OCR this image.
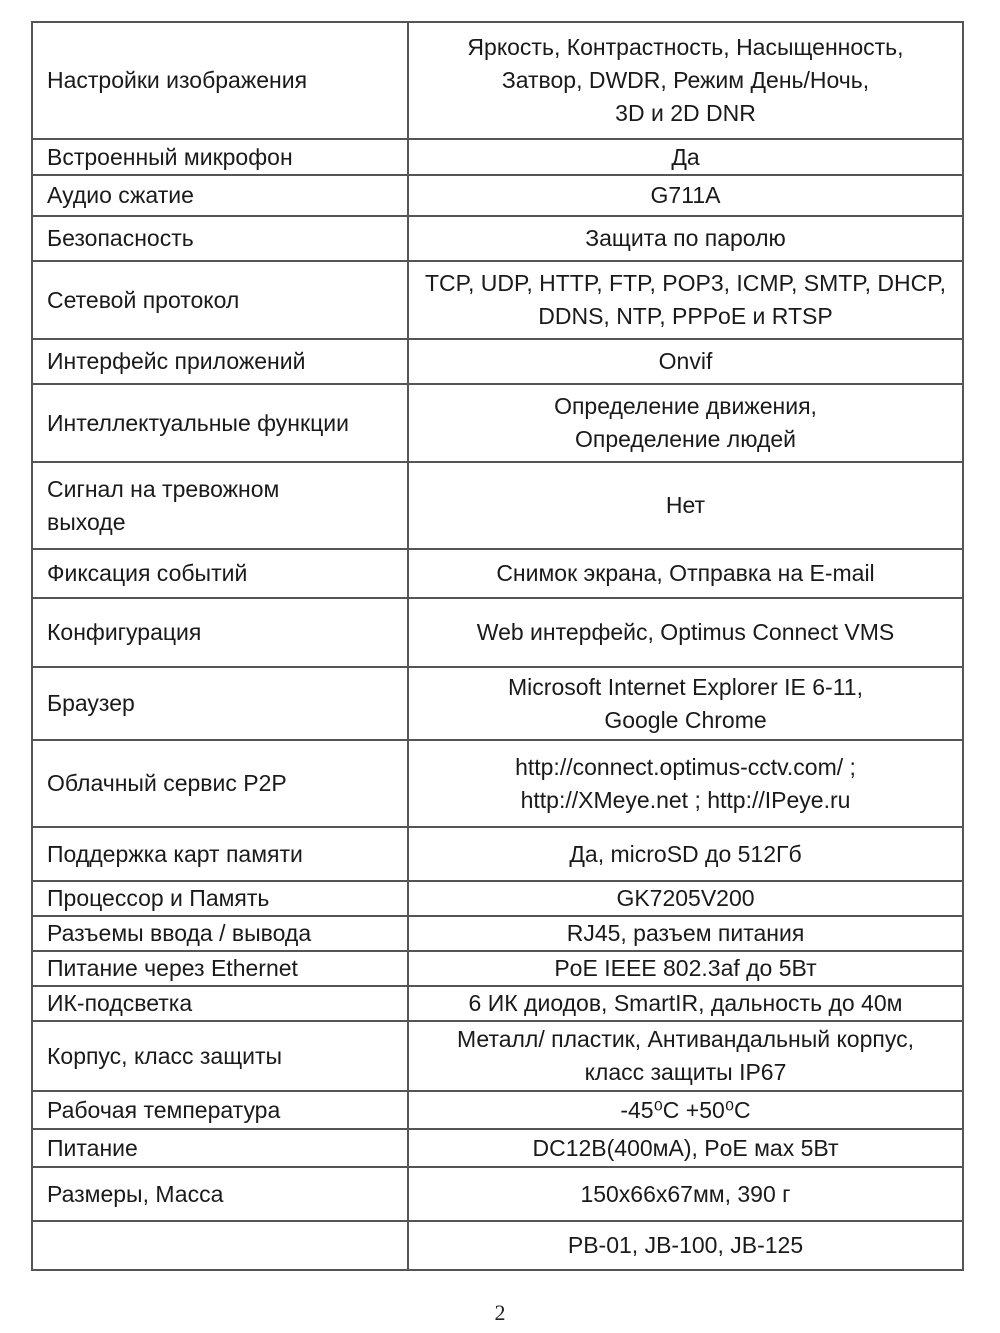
Настройки изображения	Яркость, Контрастность, Насыщенность,
Затвор, DWDR, Режим День/Ночь,
3D и 2D DNR

Встроенный микрофон	Да

Аудио сжатие	G711A

Безопасность	Защита по паролю

Сетевой протокол	TCP, UDP, HTTP, FTP, POP3, ICMP, SMTP, DHCP,
DDNS, NTP, PPPoE и RTSP

Интерфейс приложений	Onvif

Интеллектуальные функции	Определение движения,
Определение людей

Сигнал на тревожном
выходе	Нет

Фиксация событий	Снимок экрана, Отправка на E-mail

Конфигурация	Web интерфейс, Optimus Connect VMS

Браузер	Microsoft Internet Explorer IE 6-11,
Google Chrome

Облачный сервис P2P	http://connect.optimus-cctv.com/ ;
http://XMeye.net ; http://IPeye.ru

Поддержка карт памяти	Да, microSD до 512Гб

Процессор и Память	GK7205V200

Разъемы ввода / вывода	RJ45, разъем питания

Питание через Ethernet	PoE IEEE 802.3af до 5Вт

ИК-подсветка	6 ИК диодов, SmartIR, дальность до 40м

Корпус, класс защиты	Металл/ пластик, Антивандальный корпус,
класс защиты IP67

Рабочая температура	-45⁰С +50⁰С

Питание	DC12В(400мА), PoE мах 5Вт

Размеры, Масса	150х66х67мм, 390 г

	PB-01, JB-100, JB-125
2
